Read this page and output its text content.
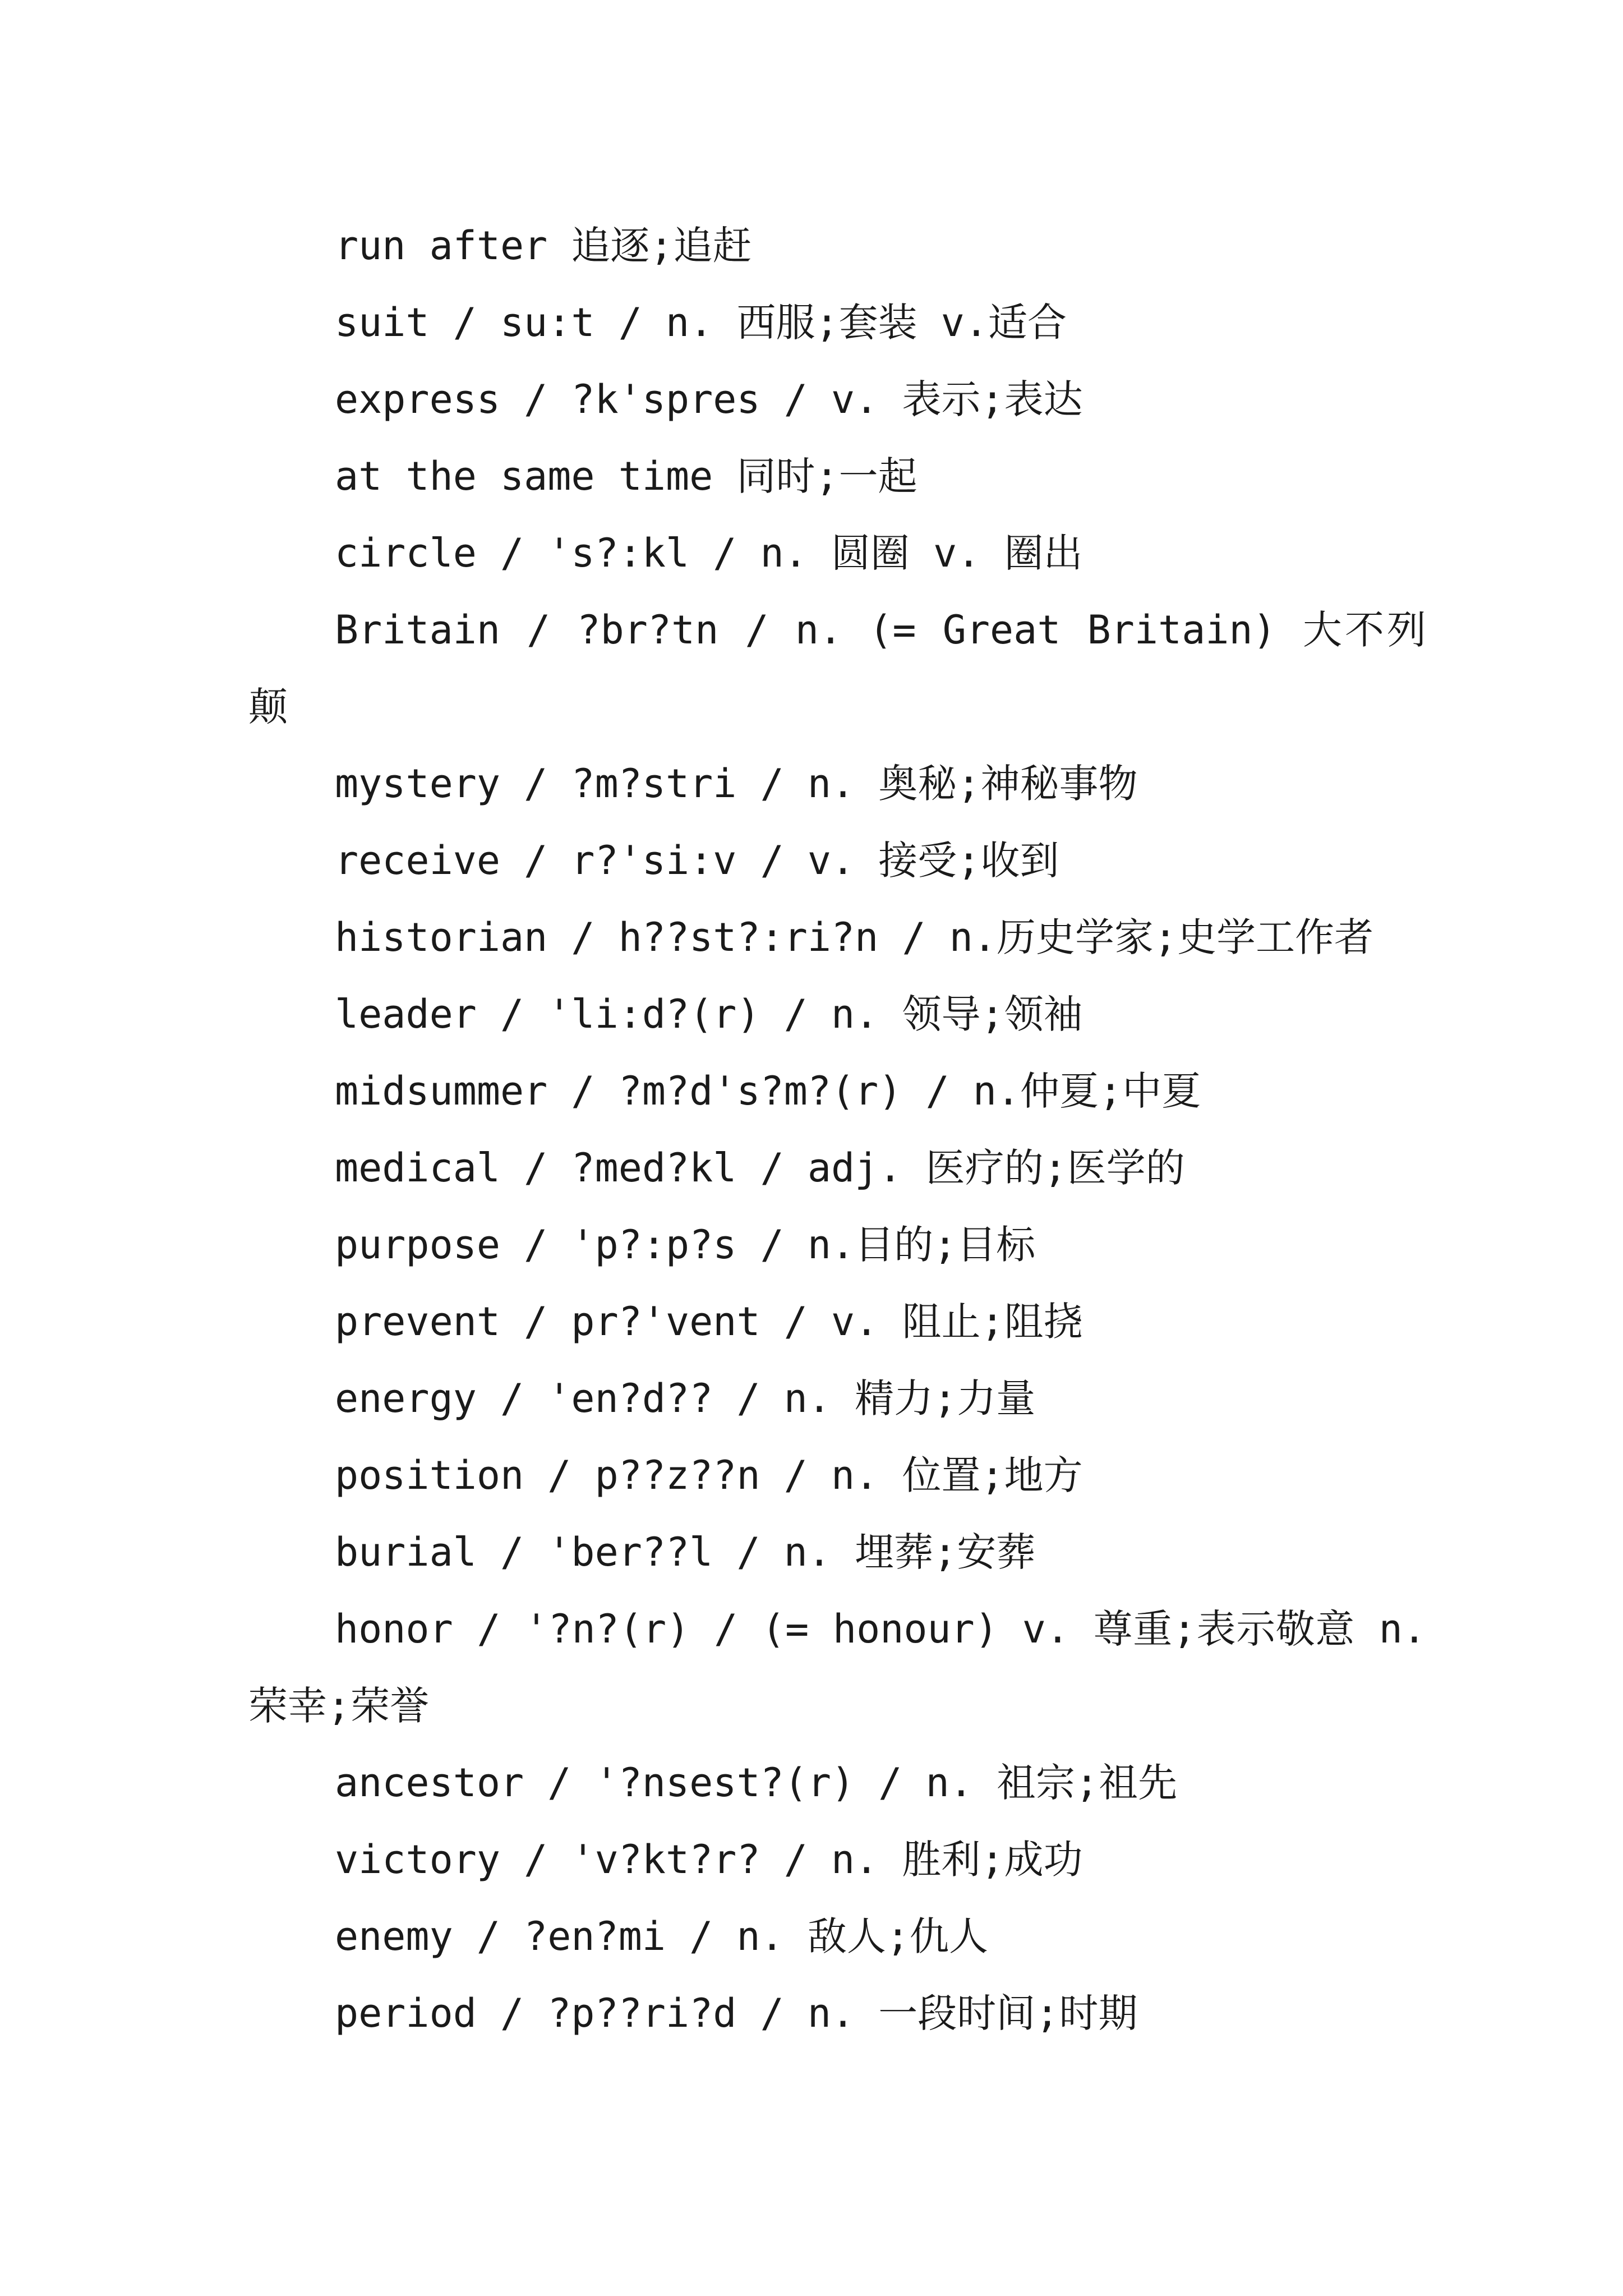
run after 追逐;追赶

suit / su:t / n. 西服;套装 v.适合

express / ?k'spres / v. 表示;表达

at the same time 同时;一起

circle / 's?:kl / n. 圆圈 v. 圈出

Britain / ?br?tn / n. (= Great Britain) 大不列颠

mystery / ?m?stri / n. 奥秘;神秘事物

receive / r?'si:v / v. 接受;收到

historian / h??st?:ri?n / n.历史学家;史学工作者

leader / 'li:d?(r) / n. 领导;领袖

midsummer / ?m?d's?m?(r) / n.仲夏;中夏

medical / ?med?kl / adj. 医疗的;医学的

purpose / 'p?:p?s / n.目的;目标

prevent / pr?'vent / v. 阻止;阻挠

energy / 'en?d?? / n. 精力;力量

position / p??z??n / n. 位置;地方

burial / 'ber??l / n. 埋葬;安葬

honor / '?n?(r) / (= honour) v. 尊重;表示敬意 n. 荣幸;荣誉

ancestor / '?nsest?(r) / n. 祖宗;祖先

victory / 'v?kt?r? / n. 胜利;成功

enemy / ?en?mi / n. 敌人;仇人

period / ?p??ri?d / n. 一段时间;时期
